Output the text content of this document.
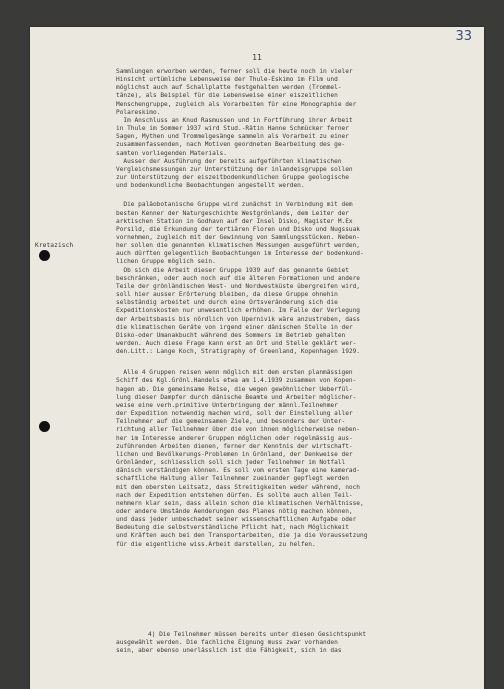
33
11
Kretazisch
Sammlungen erworben werden, ferner soll die heute noch in vieler
Hinsicht urtümliche Lebensweise der Thule-Eskimo im Film und
möglichst auch auf Schallplatte festgehalten werden (Trommel-
tänze), als Beispiel für die Lebensweise einer eiszeitlichen
Menschengruppe, zugleich als Vorarbeiten für eine Monographie der
Polareskimo.
Im Anschluss an Knud Rasmussen und in Fortführung ihrer Arbeit
in Thule im Sommer 1937 wird Stud.-Rätin Hanne Schmücker ferner
Sagen, Mythen und Trommelgesänge sammeln als Vorarbeit zu einer
zusammenfassenden, nach Motiven geordneten Bearbeitung des ge-
samten vorliegenden Materials.
Ausser der Ausführung der bereits aufgeführten klimatischen
Vergleichsmessungen zur Unterstützung der inlandeisgruppe sollen
zur Unterstützung der eiszeitbodenkundlichen Gruppe geologische
und bodenkundliche Beobachtungen angestellt werden.
Die paläobotanische Gruppe wird zunächst in Verbindung mit dem
besten Kenner der Naturgeschichte Westgrönlands, dem Leiter der
arktischen Station in Godhavn auf der Insel Disko, Magister M.Ex
Porsild, die Erkundung der tertiären Floren und Disko und Nugssuak
vornehmen, zugleich mit der Gewinnung von Sammlungsstücken. Neben-
her sollen die genannten klimatischen Messungen ausgeführt werden,
auch dürften gelegentlich Beobachtungen im Interesse der bodenkund-
lichen Gruppe möglich sein.
Ob sich die Arbeit dieser Gruppe 1939 auf das genannte Gebiet
beschränken, oder auch noch auf die älteren Formationen und andere
Teile der grönländischen West- und Nordwestküste übergreifen wird,
soll hier ausser Erörterung bleiben, da diese Gruppe ohnehin
selbständig arbeitet und durch eine Ortsveränderung sich die
Expeditionskosten nur unwesentlich erhöhen. Im Falle der Verlegung
der Arbeitsbasis bis nördlich von Upernivik wäre anzustreben, dass
die klimatischen Geräte von irgend einer dänischen Stelle in der
Disko-oder Umanakbucht während des Sommers im Betrieb gehalten
werden. Auch diese Frage kann erst an Ort und Stelle geklärt wer-
den.Litt.: Lange Koch, Stratigraphy of Greenland, Kopenhagen 1929.
Alle 4 Gruppen reisen wenn möglich mit dem ersten planmässigen
Schiff des Kgl.Grönl.Handels etwa am 1.4.1939 zusammen von Kopen-
hagen ab. Die gemeinsame Reise, die wegen gewöhnlicher Ueberfül-
lung dieser Dampfer durch dänische Beamte und Arbeiter möglicher-
weise eine verh.primitive Unterbringung der männl.Teilnehmer
der Expedition notwendig machen wird, soll der Einstellung aller
Teilnehmer auf die gemeinsamen Ziele, und besonders der Unter-
richtung aller Teilnehmer über die von ihnen möglicherweise neben-
her im Interesse anderer Gruppen möglichen oder regelmässig aus-
zuführenden Arbeiten dienen, ferner der Kenntnis der wirtschaft-
lichen und Bevölkerungs-Problemen in Grönland, der Denkweise der
Grönländer, schliesslich soll sich jeder Teilnehmer im Notfall
dänisch verständigen können. Es soll vom ersten Tage eine kamerad-
schaftliche Haltung aller Teilnehmer zueinander gepflegt werden
mit dem obersten Leitsatz, dass Streitigkeiten weder während, noch
nach der Expedition entstehen dürfen. Es sollte auch allen Teil-
nehmern klar sein, dass allein schon die klimatischen Verhältnisse,
oder andere Umstände Aenderungen des Planes nötig machen können,
und dass jeder unbeschadet seiner wissenschaftlichen Aufgabe oder
Bedeutung die selbstverständliche Pflicht hat, nach Möglichkeit
und Kräften auch bei den Transportarbeiten, die ja die Voraussetzung
für die eigentliche wiss.Arbeit darstellen, zu helfen.
4) Die Teilnehmer müssen bereits unter diesen Gesichtspunkt
ausgewählt werden. Die fachliche Eignung muss zwar vorhanden
sein, aber ebenso unerlässlich ist die Fähigkeit, sich in das
